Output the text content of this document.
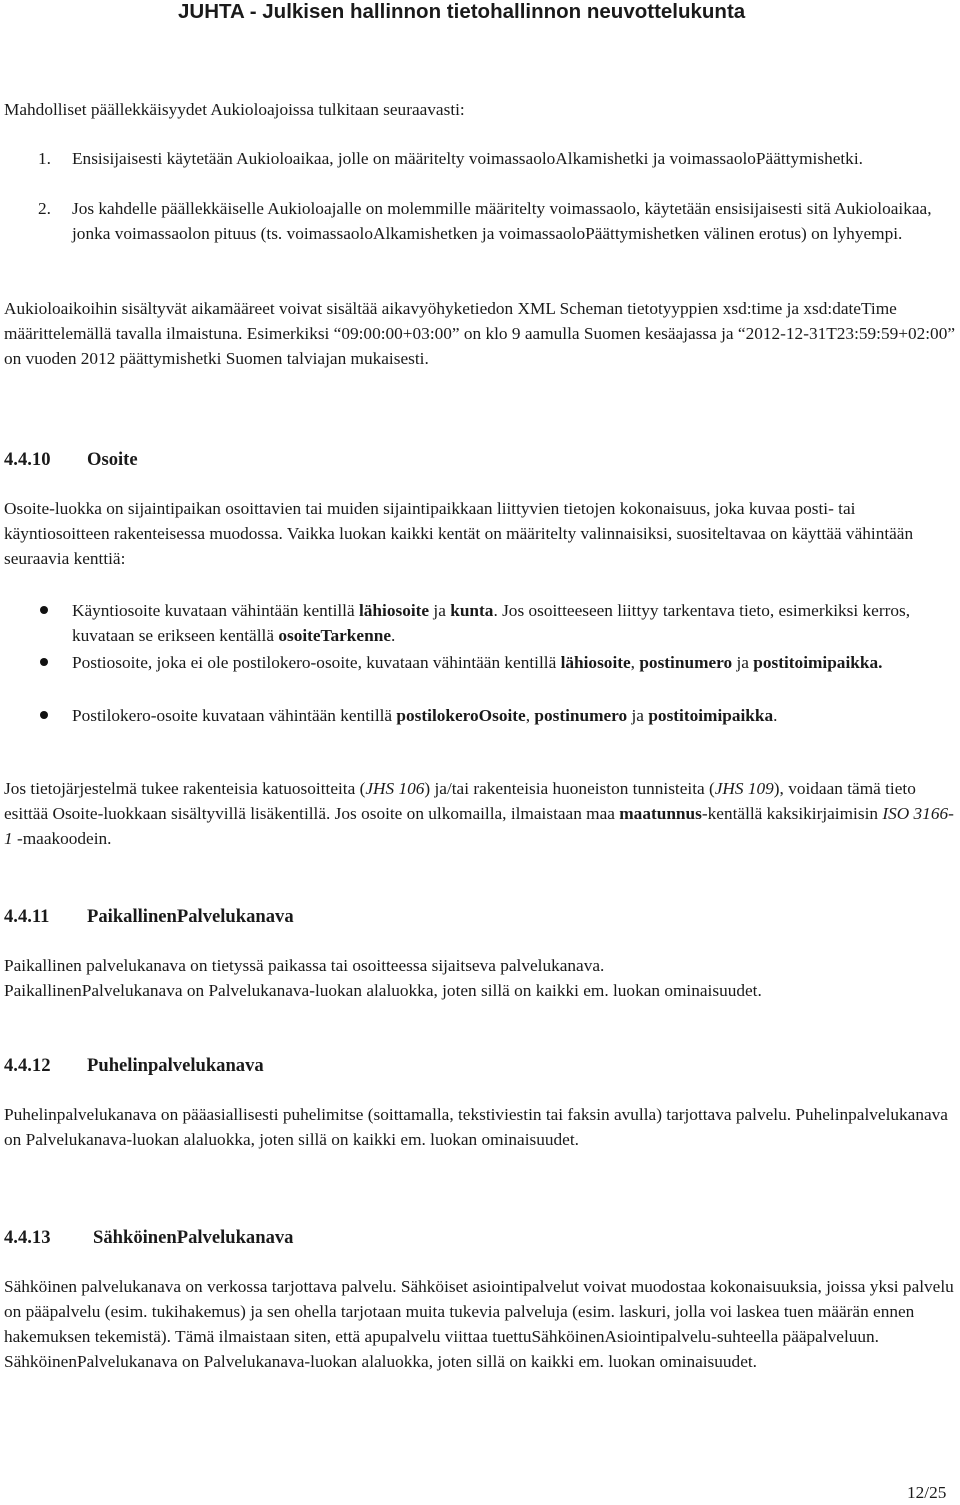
JUHTA - Julkisen hallinnon tietohallinnon neuvottelukunta

Mahdolliset päällekkäisyydet Aukioloajoissa tulkitaan seuraavasti:

1. Ensisijaisesti käytetään Aukioloaikaa, jolle on määritelty voimassaoloAlkamishetki ja voimassaoloPäättymishetki.
2. Jos kahdelle päällekkäiselle Aukioloajalle on molemmille määritelty voimassaolo, käytetään ensisijaisesti sitä Aukioloaikaa, jonka voimassaolon pituus (ts. voimassaoloAlkamishetken ja voimassaoloPäättymishetken välinen erotus) on lyhyempi.

Aukioloaikoihin sisältyvät aikamääreet voivat sisältää aikavyöhyketiedon XML Scheman tietotyyppien xsd:time ja xsd:dateTime määrittelemällä tavalla ilmaistuna. Esimerkiksi “09:00:00+03:00” on klo 9 aamulla Suomen kesäajassa ja “2012-12-31T23:59:59+02:00” on vuoden 2012 päättymishetki Suomen talviajan mukaisesti.

4.4.10 Osoite

Osoite-luokka on sijaintipaikan osoittavien tai muiden sijaintipaikkaan liittyvien tietojen kokonaisuus, joka kuvaa posti- tai käyntiosoitteen rakenteisessa muodossa. Vaikka luokan kaikki kentät on määritelty valinnaisiksi, suositeltavaa on käyttää vähintään seuraavia kenttiä:

Käyntiosoite kuvataan vähintään kentillä lähiosoite ja kunta. Jos osoitteeseen liittyy tarkentava tieto, esimerkiksi kerros, kuvataan se erikseen kentällä osoiteTarkenne.
Postiosoite, joka ei ole postilokero-osoite, kuvataan vähintään kentillä lähiosoite, postinumero ja postitoimipaikka.
Postilokero-osoite kuvataan vähintään kentillä postilokeroOsoite, postinumero ja postitoimipaikka.

Jos tietojärjestelmä tukee rakenteisia katuosoitteita (JHS 106) ja/tai rakenteisia huoneiston tunnisteita (JHS 109), voidaan tämä tieto esittää Osoite-luokkaan sisältyvillä lisäkentillä. Jos osoite on ulkomailla, ilmaistaan maa maatunnus-kentällä kaksikirjaimisin ISO 3166-1 -maakoodein.

4.4.11 PaikallinenPalvelukanava

Paikallinen palvelukanava on tietyssä paikassa tai osoitteessa sijaitseva palvelukanava.

PaikallinenPalvelukanava on Palvelukanava-luokan alaluokka, joten sillä on kaikki em. luokan ominaisuudet.

4.4.12 Puhelinpalvelukanava

Puhelinpalvelukanava on pääasiallisesti puhelimitse (soittamalla, tekstiviestin tai faksin avulla) tarjottava palvelu. Puhelinpalvelukanava on Palvelukanava-luokan alaluokka, joten sillä on kaikki em. luokan ominaisuudet.

4.4.13 SähköinenPalvelukanava

Sähköinen palvelukanava on verkossa tarjottava palvelu. Sähköiset asiointipalvelut voivat muodostaa kokonaisuuksia, joissa yksi palvelu on pääpalvelu (esim. tukihakemus) ja sen ohella tarjotaan muita tukevia palveluja (esim. laskuri, jolla voi laskea tuen määrän ennen hakemuksen tekemistä). Tämä ilmaistaan siten, että apupalvelu viittaa tuettuSähköinenAsiointipalvelu-suhteella pääpalveluun. SähköinenPalvelukanava on Palvelukanava-luokan alaluokka, joten sillä on kaikki em. luokan ominaisuudet.

12/25
